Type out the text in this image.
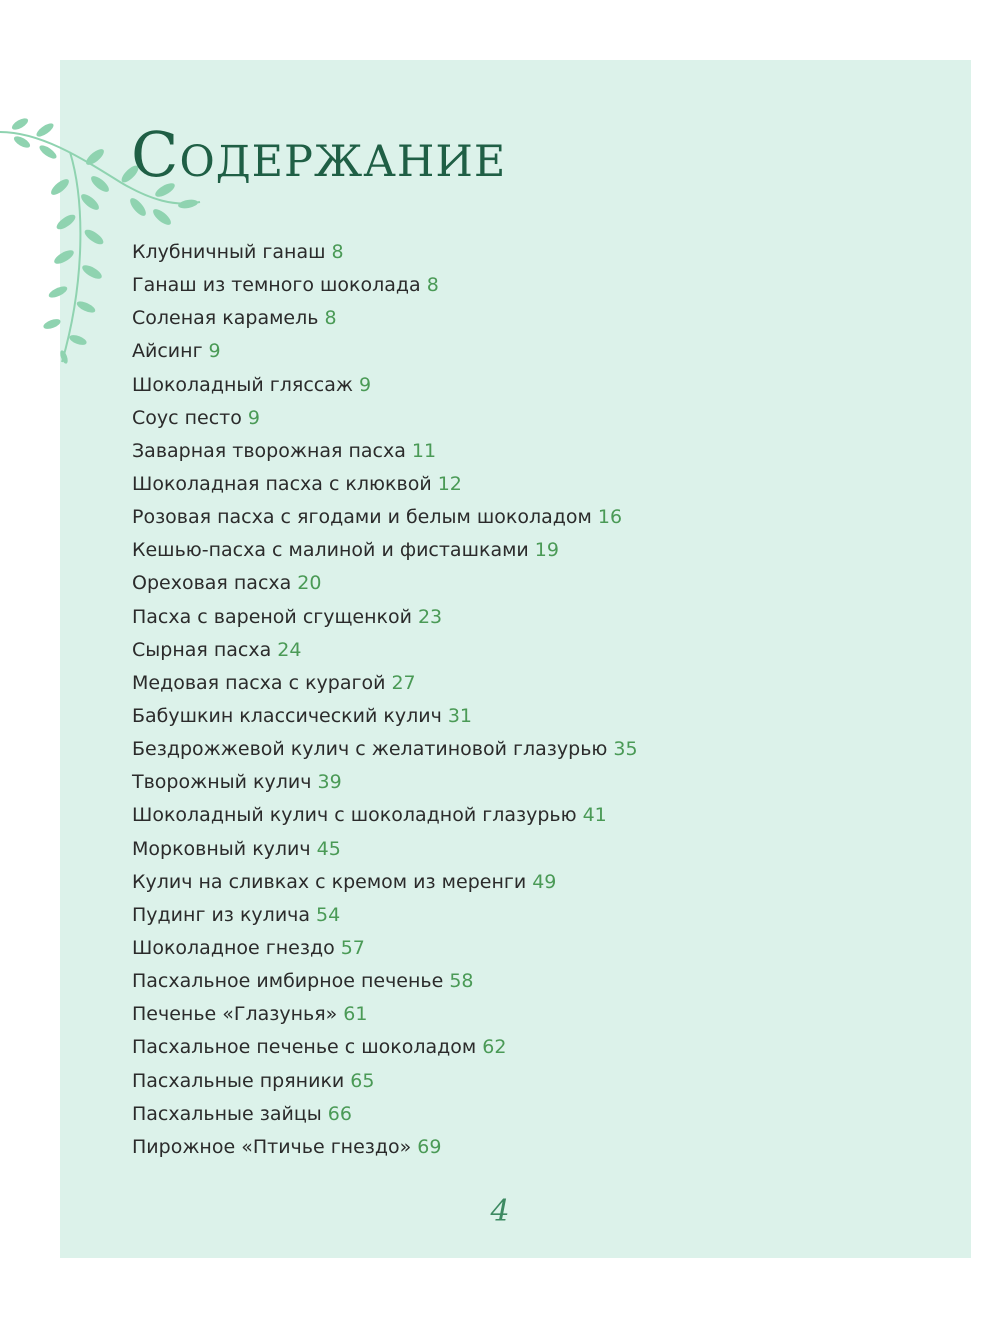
Содержание
Клубничный ганаш 8
Ганаш из темного шоколада 8
Соленая карамель 8
Айсинг 9
Шоколадный глясcаж 9
Соус песто 9
Заварная творожная пасха 11
Шоколадная пасха с клюквой 12
Розовая пасха с ягодами и белым шоколадом 16
Кешью-пасха с малиной и фисташками 19
Ореховая пасха 20
Пасха с вареной сгущенкой 23
Сырная пасха 24
Медовая пасха с курагой 27
Бабушкин классический кулич 31
Бездрожжевой кулич с желатиновой глазурью 35
Творожный кулич 39
Шоколадный кулич с шоколадной глазурью 41
Морковный кулич 45
Кулич на сливках с кремом из меренги 49
Пудинг из кулича 54
Шоколадное гнездо 57
Пасхальное имбирное печенье 58
Печенье «Глазунья» 61
Пасхальное печенье с шоколадом 62
Пасхальные пряники 65
Пасхальные зайцы 66
Пирожное «Птичье гнездо» 69
4
